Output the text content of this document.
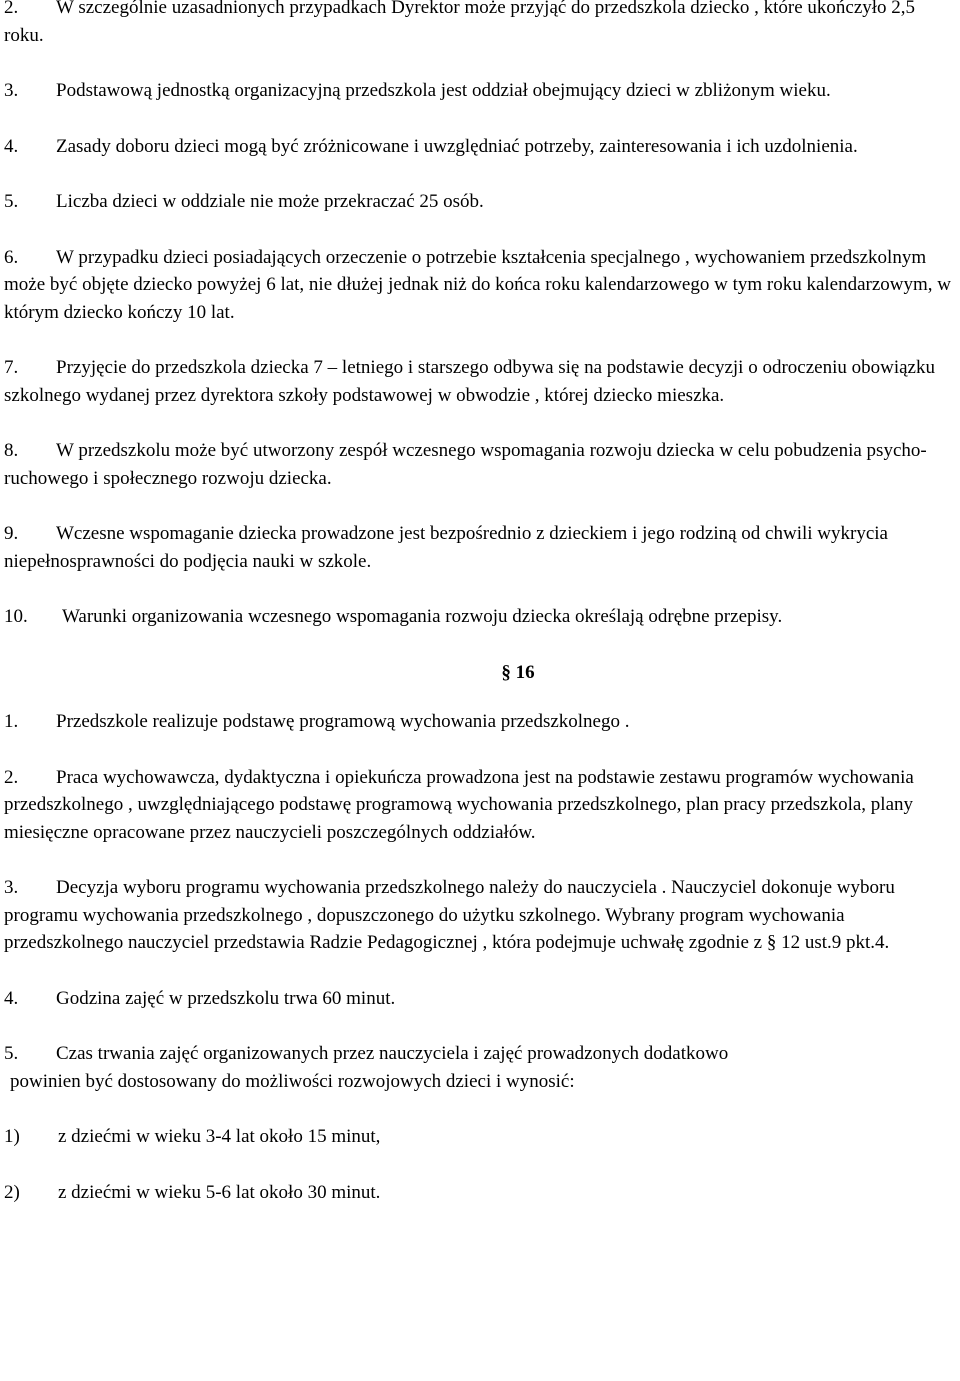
2. W szczególnie uzasadnionych przypadkach Dyrektor może przyjąć do przedszkola dziecko , które ukończyło 2,5 roku.

3. Podstawową jednostką organizacyjną przedszkola jest oddział obejmujący dzieci w zbliżonym wieku.

4. Zasady doboru dzieci mogą być zróżnicowane i uwzględniać potrzeby, zainteresowania i ich uzdolnienia.

5. Liczba dzieci w oddziale nie może przekraczać 25 osób.

6. W przypadku dzieci posiadających orzeczenie o potrzebie kształcenia specjalnego , wychowaniem przedszkolnym może być objęte dziecko powyżej 6 lat, nie dłużej jednak niż do końca roku kalendarzowego w tym roku kalendarzowym, w którym dziecko kończy 10 lat.

7. Przyjęcie do przedszkola dziecka 7 – letniego i starszego odbywa się na podstawie decyzji o odroczeniu obowiązku szkolnego wydanej przez dyrektora szkoły podstawowej w obwodzie , której dziecko mieszka.

8. W przedszkolu może być utworzony zespół wczesnego wspomagania rozwoju dziecka w celu pobudzenia psycho-ruchowego i społecznego rozwoju dziecka.

9. Wczesne wspomaganie dziecka prowadzone jest bezpośrednio z dzieckiem i jego rodziną od chwili wykrycia niepełnosprawności do podjęcia nauki w szkole.

10. Warunki organizowania wczesnego wspomagania rozwoju dziecka określają odrębne przepisy.

§ 16

1. Przedszkole realizuje podstawę programową wychowania przedszkolnego .

2. Praca wychowawcza, dydaktyczna i opiekuńcza prowadzona jest na podstawie zestawu programów wychowania przedszkolnego , uwzględniającego podstawę programową wychowania przedszkolnego, plan pracy przedszkola, plany miesięczne opracowane przez nauczycieli poszczególnych oddziałów.

3. Decyzja wyboru programu wychowania przedszkolnego należy do nauczyciela . Nauczyciel dokonuje wyboru programu wychowania przedszkolnego , dopuszczonego do użytku szkolnego. Wybrany program wychowania przedszkolnego nauczyciel przedstawia Radzie Pedagogicznej , która podejmuje uchwałę zgodnie z § 12 ust.9 pkt.4.

4. Godzina zajęć w przedszkolu trwa 60 minut.

5. Czas trwania zajęć organizowanych przez nauczyciela i zajęć prowadzonych dodatkowo
powinien być dostosowany do możliwości rozwojowych dzieci i wynosić:

1) z dziećmi w wieku 3-4 lat około 15 minut,

2) z dziećmi w wieku 5-6 lat około 30 minut.
